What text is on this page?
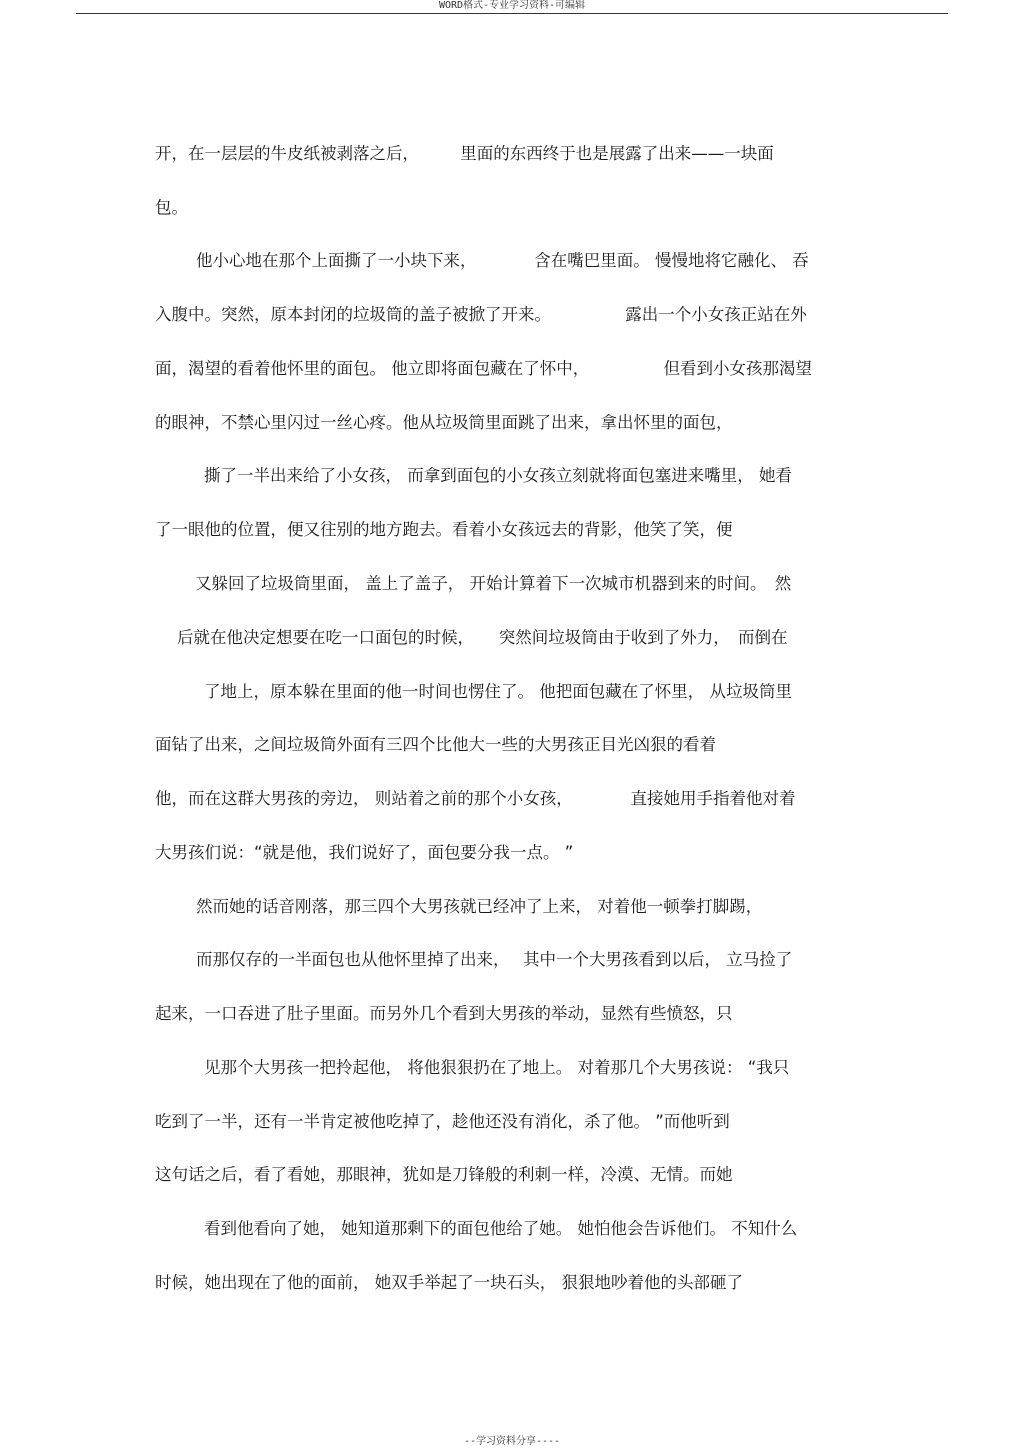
WORD格式-专业学习资料-可编辑
开，在一层层的牛皮纸被剥落之后，　　　里面的东西终于也是展露了出来——一块面
包。
他小心地在那个上面撕了一小块下来，　　　　含在嘴巴里面。 慢慢地将它融化、 吞
入腹中。突然，原本封闭的垃圾筒的盖子被掀了开来。　　　　　露出一个小女孩正站在外
面，渴望的看着他怀里的面包。 他立即将面包藏在了怀中，　　　　　但看到小女孩那渴望
的眼神，不禁心里闪过一丝心疼。他从垃圾筒里面跳了出来，拿出怀里的面包，
撕了一半出来给了小女孩， 而拿到面包的小女孩立刻就将面包塞进来嘴里， 她看
了一眼他的位置，便又往别的地方跑去。看着小女孩远去的背影，他笑了笑，便
又躲回了垃圾筒里面， 盖上了盖子， 开始计算着下一次城市机器到来的时间。　然
后就在他决定想要在吃一口面包的时候，　　突然间垃圾筒由于收到了外力，　而倒在
了地上，原本躲在里面的他一时间也愣住了。 他把面包藏在了怀里， 从垃圾筒里
面钻了出来，之间垃圾筒外面有三四个比他大一些的大男孩正目光凶狠的看着
他，而在这群大男孩的旁边， 则站着之前的那个小女孩，　　　　直接她用手指着他对着
大男孩们说：“就是他，我们说好了，面包要分我一点。 ”
然而她的话音刚落，那三四个大男孩就已经冲了上来， 对着他一顿拳打脚踢，
而那仅存的一半面包也从他怀里掉了出来，　 其中一个大男孩看到以后， 立马捡了
起来，一口吞进了肚子里面。而另外几个看到大男孩的举动，显然有些愤怒，只
见那个大男孩一把拎起他， 将他狠狠扔在了地上。 对着那几个大男孩说： “我只
吃到了一半，还有一半肯定被他吃掉了，趁他还没有消化，杀了他。 ”而他听到
这句话之后，看了看她，那眼神，犹如是刀锋般的利刺一样，冷漠、无情。而她
看到他看向了她， 她知道那剩下的面包他给了她。 她怕他会告诉他们。 不知什么
时候，她出现在了他的面前， 她双手举起了一块石头， 狠狠地吵着他的头部砸了
--学习资料分享----
